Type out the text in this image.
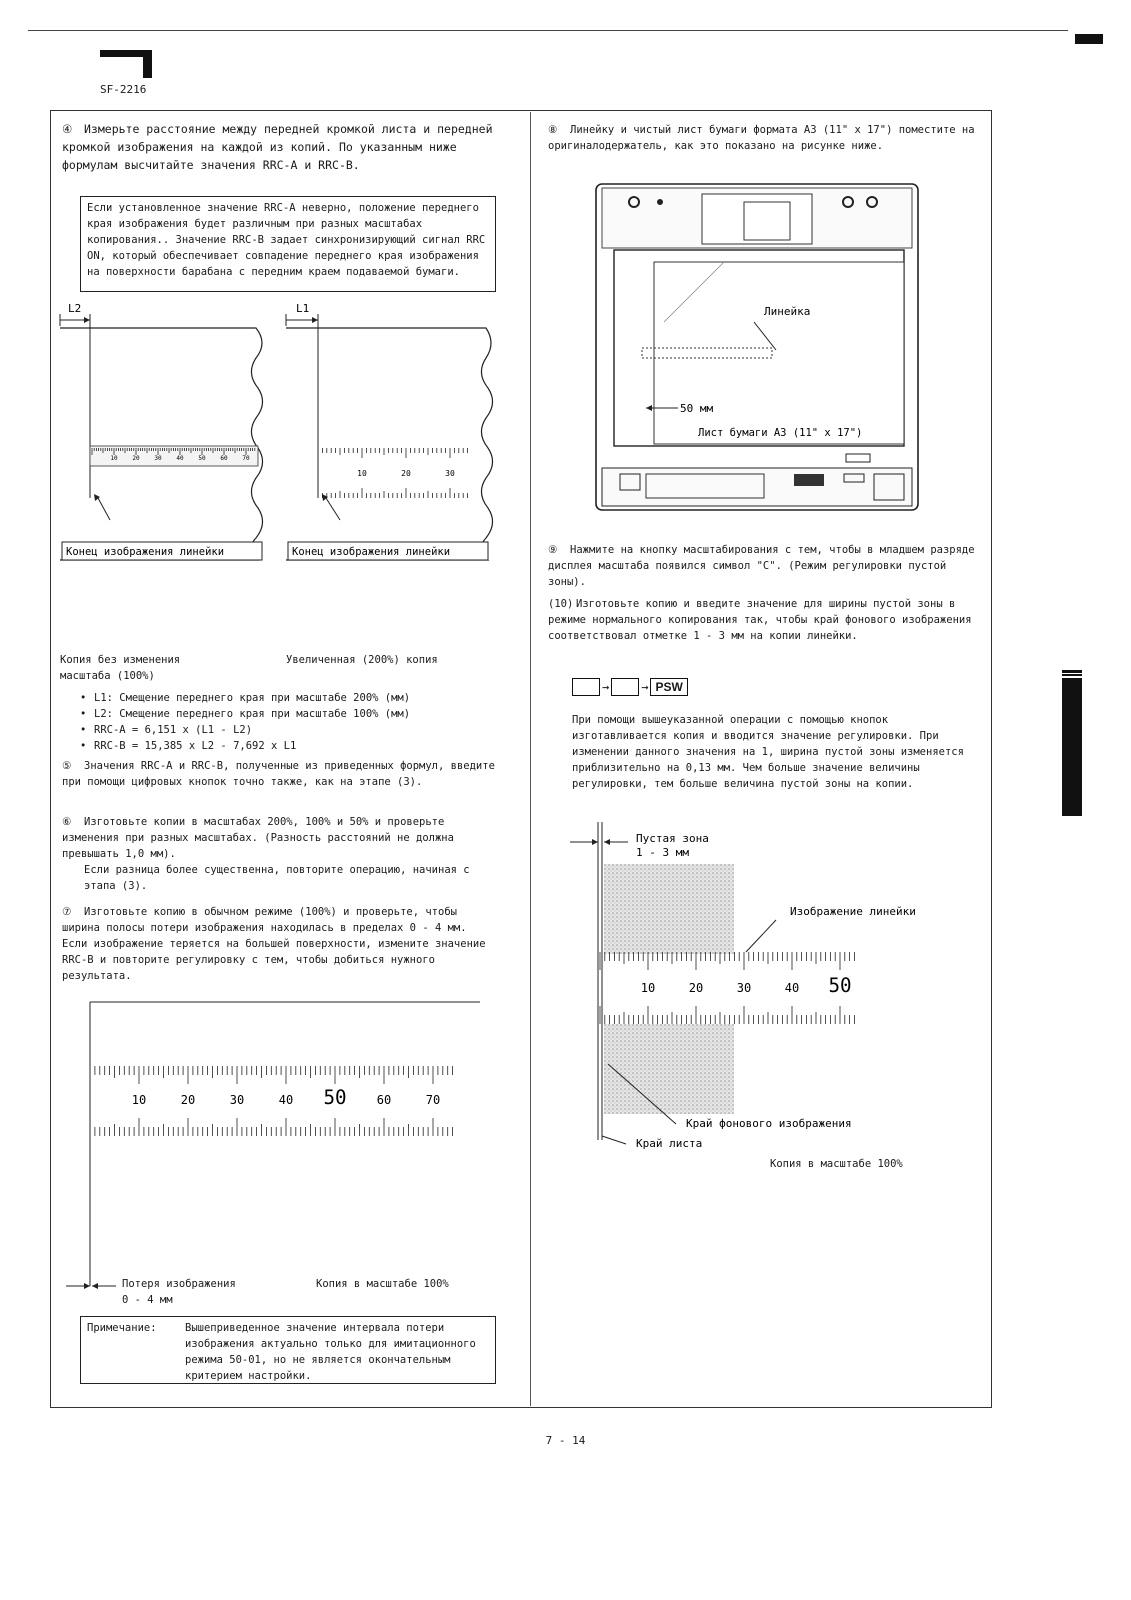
SF-2216
④ Измерьте расстояние между передней кромкой листа и передней кромкой изображения на каждой из копий. По указанным ниже формулам высчитайте значения RRC-A и RRC-B.
Если установленное значение RRC-A неверно, положение переднего края изображения будет различным при разных масштабах копирования.. Значение RRC-B задает синхронизирующий сигнал RRC ON, который обеспечивает совпадение переднего края изображения на поверхности барабана с передним краем подаваемой бумаги.
L2
10 20 30 40 50 60 70
Конец изображения линейки
L1
10	20	30
Конец изображения линейки
Копия без изменения масштаба (100%)
Увеличенная (200%) копия
• L1: Смещение переднего края при масштабе 200% (мм)
• L2: Смещение переднего края при масштабе 100% (мм)
• RRC-A = 6,151 x (L1 - L2)
• RRC-B = 15,385 x L2 - 7,692 x L1
⑤ Значения RRC-A и RRC-B, полученные из приведенных формул, введите при помощи цифровых кнопок точно также, как на этапе (3).
⑥ Изготовьте копии в масштабах 200%, 100% и 50% и проверьте изменения при разных масштабах. (Разность расстояний не должна превышать 1,0 мм).
Если разница более существенна, повторите операцию, начиная с этапа (3).
⑦ Изготовьте копию в обычном режиме (100%) и проверьте, чтобы ширина полосы потери изображения находилась в пределах 0 - 4 мм. Если изображение теряется на большей поверхности, измените значение RRC-B и повторите регулировку с тем, чтобы добиться нужного результата.
10	20	30	40 50	60	70
Потеря изображения
0 - 4 мм
Копия в масштабе 100%
Примечание:	Вышеприведенное значение интервала потери изображения актуально только для имитационного режима 50-01, но не является окончательным критерием настройки.
⑧ Линейку и чистый лист бумаги формата A3 (11" x 17") поместите на оригиналодержатель, как это показано на рисунке ниже.
Линейка
50 мм
Лист бумаги A3 (11" x 17")
⑨ Нажмите на кнопку масштабирования с тем, чтобы в младшем разряде дисплея масштаба появился символ "C". (Режим регулировки пустой зоны).
(10) Изготовьте копию и введите значение для ширины пустой зоны в режиме нормального копирования так, чтобы край фонового изображения соответствовал отметке 1 - 3 мм на копии линейки.
→	→ PSW
При помощи вышеуказанной операции с помощью кнопок изготавливается копия и вводится значение регулировки. При изменении данного значения на 1, ширина пустой зоны изменяется приблизительно на 0,13 мм. Чем больше значение величины регулировки, тем больше величина пустой зоны на копии.
Пустая зона
1 - 3 мм
10	20	30	40 50
Изображение линейки
Край фонового изображения
Край листа
Копия в масштабе 100%
7 - 14
